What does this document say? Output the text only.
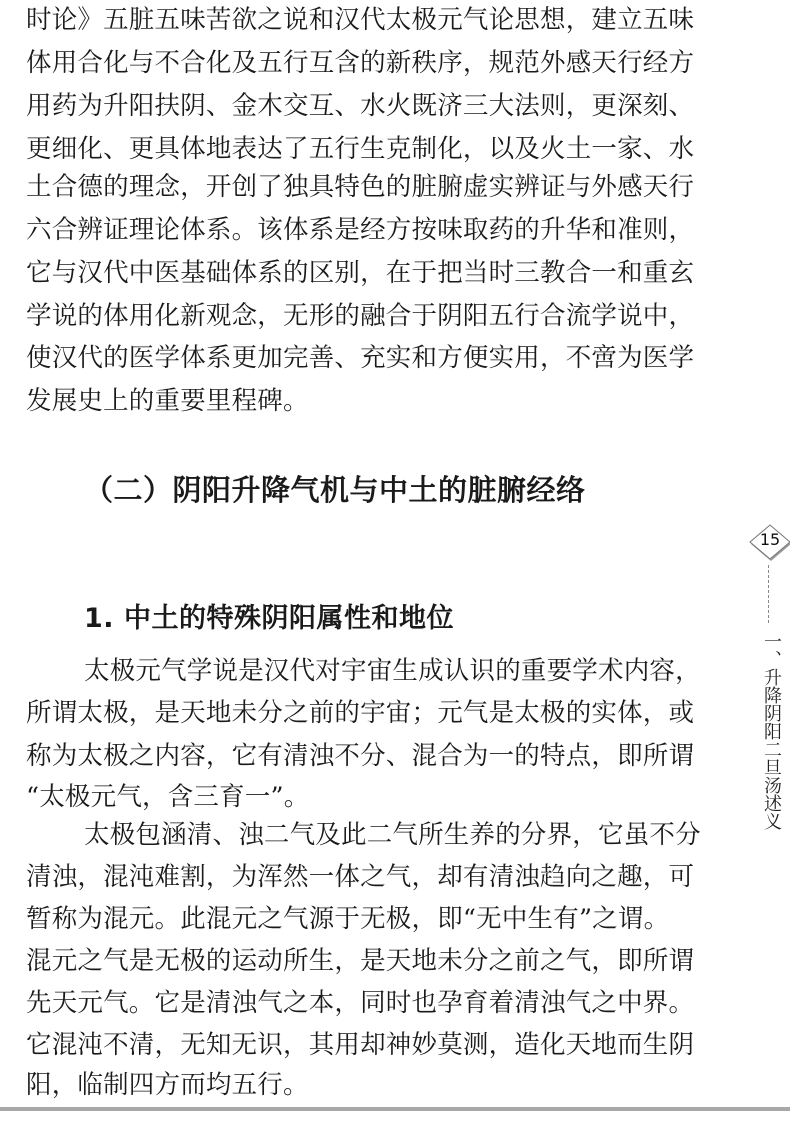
时论》五脏五味苦欲之说和汉代太极元气论思想，建立五味
体用合化与不合化及五行互含的新秩序，规范外感天行经方
用药为升阳扶阴、金木交互、水火既济三大法则，更深刻、
更细化、更具体地表达了五行生克制化，以及火土一家、水
土合德的理念，开创了独具特色的脏腑虚实辨证与外感天行
六合辨证理论体系。该体系是经方按味取药的升华和准则，
它与汉代中医基础体系的区别，在于把当时三教合一和重玄
学说的体用化新观念，无形的融合于阴阳五行合流学说中，
使汉代的医学体系更加完善、充实和方便实用，不啻为医学
发展史上的重要里程碑。
（二）阴阳升降气机与中土的脏腑经络
1. 中土的特殊阴阳属性和地位
太极元气学说是汉代对宇宙生成认识的重要学术内容，
所谓太极，是天地未分之前的宇宙；元气是太极的实体，或
称为太极之内容，它有清浊不分、混合为一的特点，即所谓
“太极元气，含三育一”。
太极包涵清、浊二气及此二气所生养的分界，它虽不分
清浊，混沌难割，为浑然一体之气，却有清浊趋向之趣，可
暂称为混元。此混元之气源于无极，即“无中生有”之谓。
混元之气是无极的运动所生，是天地未分之前之气，即所谓
先天元气。它是清浊气之本，同时也孕育着清浊气之中界。
它混沌不清，无知无识，其用却神妙莫测，造化天地而生阴
阳，临制四方而均五行。
15
一、升降阴阳二旦汤述义
